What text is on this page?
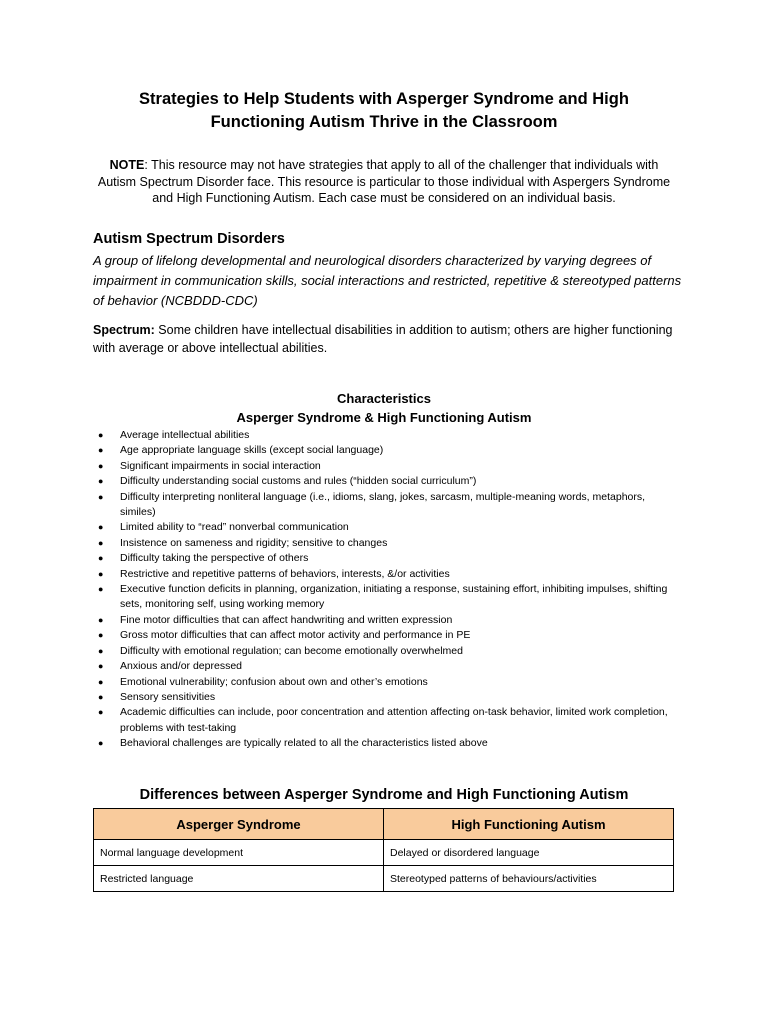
Strategies to Help Students with Asperger Syndrome and High Functioning Autism Thrive in the Classroom
NOTE: This resource may not have strategies that apply to all of the challenger that individuals with Autism Spectrum Disorder face. This resource is particular to those individual with Aspergers Syndrome and High Functioning Autism. Each case must be considered on an individual basis.
Autism Spectrum Disorders
A group of lifelong developmental and neurological disorders characterized by varying degrees of impairment in communication skills, social interactions and restricted, repetitive & stereotyped patterns of behavior (NCBDDD-CDC)
Spectrum: Some children have intellectual disabilities in addition to autism; others are higher functioning with average or above intellectual abilities.
Characteristics
Asperger Syndrome & High Functioning Autism
● Average intellectual abilities
● Age appropriate language skills (except social language)
● Significant impairments in social interaction
● Difficulty understanding social customs and rules (“hidden social curriculum”)
● Difficulty interpreting nonliteral language (i.e., idioms, slang, jokes, sarcasm, multiple-meaning words, metaphors, similes)
● Limited ability to “read” nonverbal communication
● Insistence on sameness and rigidity; sensitive to changes
● Difficulty taking the perspective of others
● Restrictive and repetitive patterns of behaviors, interests, &/or activities
● Executive function deficits in planning, organization, initiating a response, sustaining effort, inhibiting impulses, shifting sets, monitoring self, using working memory
● Fine motor difficulties that can affect handwriting and written expression
● Gross motor difficulties that can affect motor activity and performance in PE
● Difficulty with emotional regulation; can become emotionally overwhelmed
● Anxious and/or depressed
● Emotional vulnerability; confusion about own and other’s emotions
● Sensory sensitivities
● Academic difficulties can include, poor concentration and attention affecting on-task behavior, limited work completion, problems with test-taking
● Behavioral challenges are typically related to all the characteristics listed above
Differences between Asperger Syndrome and High Functioning Autism
Asperger Syndrome	High Functioning Autism
Normal language development	Delayed or disordered language
Restricted language	Stereotyped patterns of behaviours/activities
